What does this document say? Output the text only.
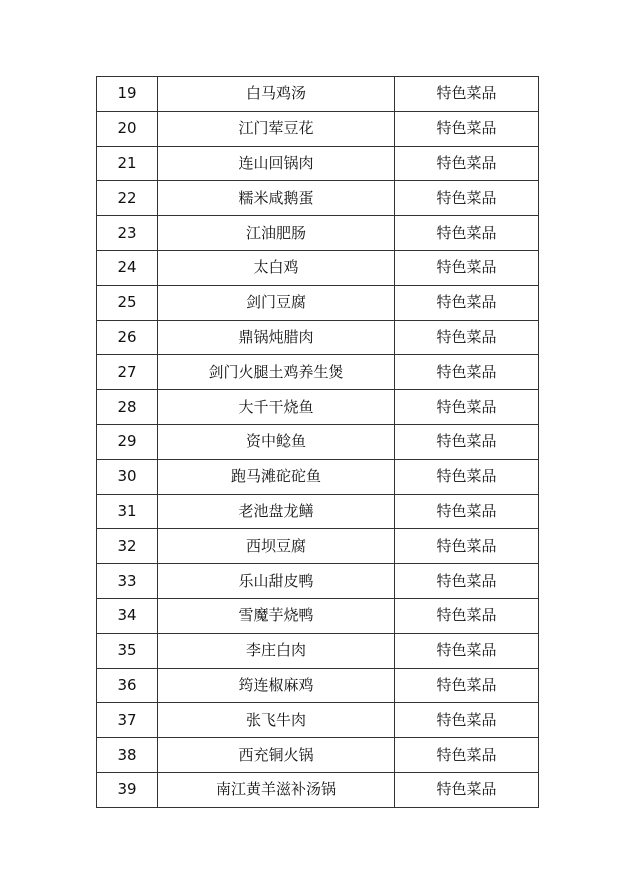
19	白马鸡汤	特色菜品
20	江门荤豆花	特色菜品
21	连山回锅肉	特色菜品
22	糯米咸鹅蛋	特色菜品
23	江油肥肠	特色菜品
24	太白鸡	特色菜品
25	剑门豆腐	特色菜品
26	鼎锅炖腊肉	特色菜品
27	剑门火腿土鸡养生煲	特色菜品
28	大千干烧鱼	特色菜品
29	资中鲶鱼	特色菜品
30	跑马滩砣砣鱼	特色菜品
31	老池盘龙鳝	特色菜品
32	西坝豆腐	特色菜品
33	乐山甜皮鸭	特色菜品
34	雪魔芋烧鸭	特色菜品
35	李庄白肉	特色菜品
36	筠连椒麻鸡	特色菜品
37	张飞牛肉	特色菜品
38	西充铜火锅	特色菜品
39	南江黄羊滋补汤锅	特色菜品
